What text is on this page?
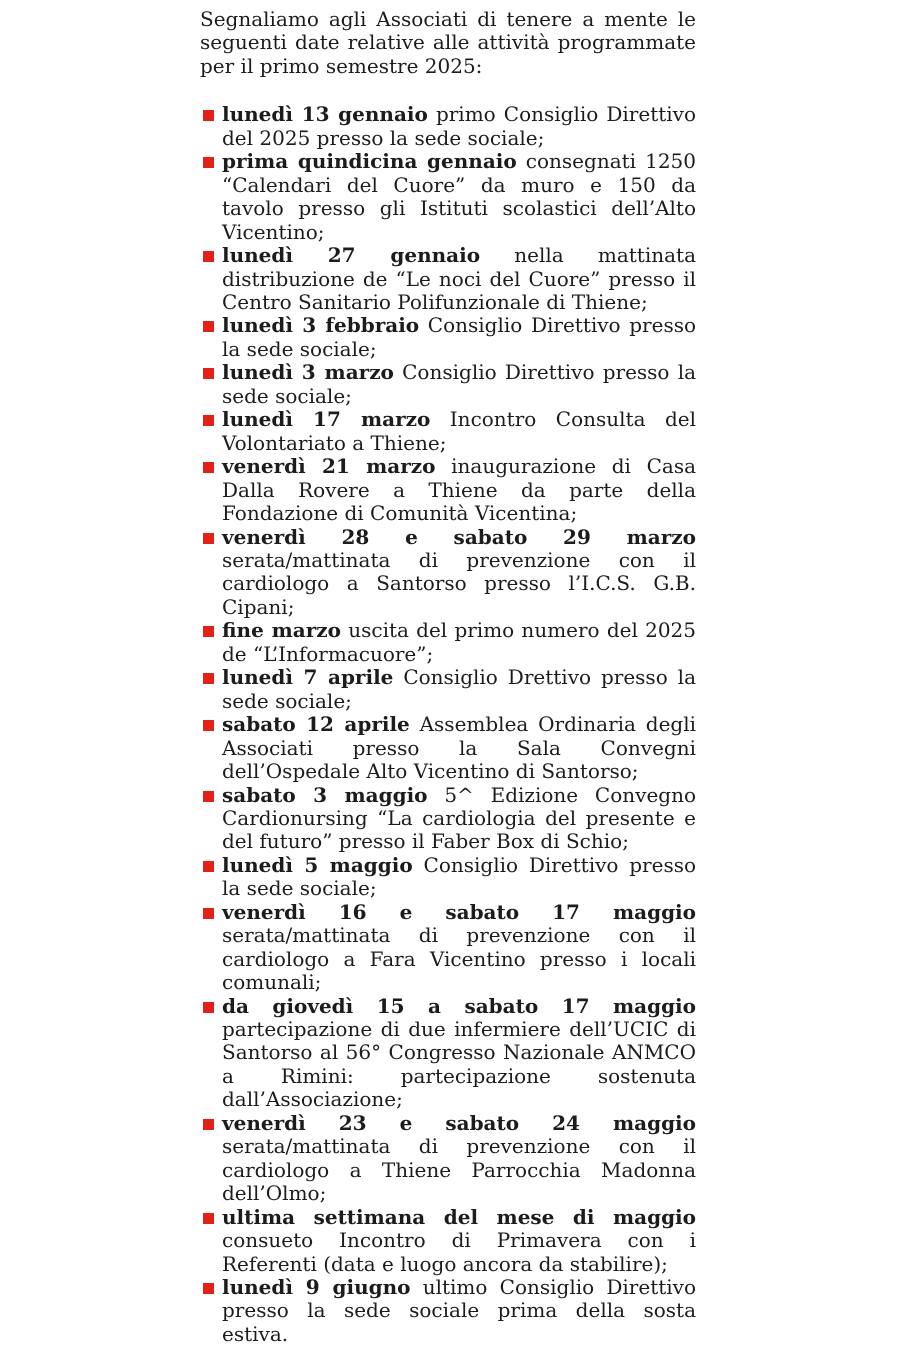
Segnaliamo agli Associati di tenere a mente le seguenti date relative alle attività programmate per il primo semestre 2025:

lunedì 13 gennaio primo Consiglio Direttivo del 2025 presso la sede sociale;
prima quindicina gennaio consegnati 1250 “Calendari del Cuore” da muro e 150 da tavolo presso gli Istituti scolastici dell’Alto Vicentino;
lunedì 27 gennaio nella mattinata distribuzione de “Le noci del Cuore” presso il Centro Sanitario Polifunzionale di Thiene;
lunedì 3 febbraio Consiglio Direttivo presso la sede sociale;
lunedì 3 marzo Consiglio Direttivo presso la sede sociale;
lunedì 17 marzo Incontro Consulta del Volontariato a Thiene;
venerdì 21 marzo inaugurazione di Casa Dalla Rovere a Thiene da parte della Fondazione di Comunità Vicentina;
venerdì 28 e sabato 29 marzo serata/mattinata di prevenzione con il cardiologo a Santorso presso l’I.C.S. G.B. Cipani;
fine marzo uscita del primo numero del 2025 de “L’Informacuore”;
lunedì 7 aprile Consiglio Drettivo presso la sede sociale;
sabato 12 aprile Assemblea Ordinaria degli Associati presso la Sala Convegni dell’Ospedale Alto Vicentino di Santorso;
sabato 3 maggio 5^ Edizione Convegno Cardionursing “La cardiologia del presente e del futuro” presso il Faber Box di Schio;
lunedì 5 maggio Consiglio Direttivo presso la sede sociale;
venerdì 16 e sabato 17 maggio serata/mattinata di prevenzione con il cardiologo a Fara Vicentino presso i locali comunali;
da giovedì 15 a sabato 17 maggio partecipazione di due infermiere dell’UCIC di Santorso al 56° Congresso Nazionale ANMCO a Rimini: partecipazione sostenuta dall’Associazione;
venerdì 23 e sabato 24 maggio serata/mattinata di prevenzione con il cardiologo a Thiene Parrocchia Madonna dell’Olmo;
ultima settimana del mese di maggio consueto Incontro di Primavera con i Referenti (data e luogo ancora da stabilire);
lunedì 9 giugno ultimo Consiglio Direttivo presso la sede sociale prima della sosta estiva.
